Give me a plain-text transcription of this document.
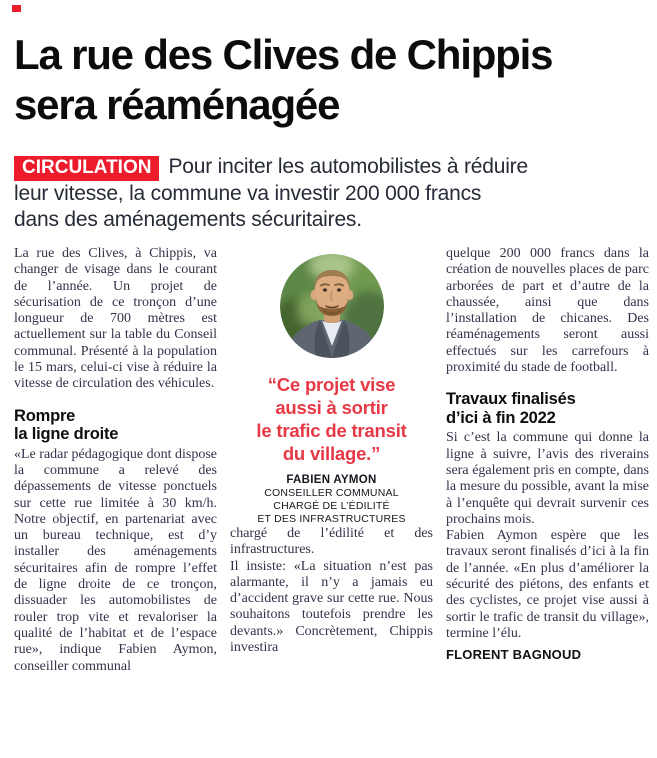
La rue des Clives de Chippis
sera réaménagée
CIRCULATION Pour inciter les automobilistes à réduire
leur vitesse, la commune va investir 200 000 francs
dans des aménagements sécuritaires.

La rue des Clives, à Chippis, va changer de visage dans le courant de l’année. Un projet de sécurisation de ce tronçon d’une longueur de 700 mètres est actuellement sur la table du Conseil communal. Présenté à la population le 15 mars, celui-ci vise à réduire la vitesse de circulation des véhicules.

Rompre
la ligne droite

«Le radar pédagogique dont dispose la commune a relevé des dépassements de vitesse ponctuels sur cette rue limitée à 30 km/h. Notre objectif, en partenariat avec un bureau technique, est d’y installer des aménagements sécuritaires afin de rompre l’effet de ligne droite de ce tronçon, dissuader les automobilistes de rouler trop vite et revaloriser la qualité de l’habitat et de l’espace rue», indique Fabien Aymon, conseiller communal

“Ce projet vise
aussi à sortir
le trafic de transit
du village.”
FABIEN AYMON
CONSEILLER COMMUNAL
CHARGÉ DE L’ÉDILITÉ
ET DES INFRASTRUCTURES

chargé de l’édilité et des infrastructures.

Il insiste: «La situation n’est pas alarmante, il n’y a jamais eu d’accident grave sur cette rue. Nous souhaitons toutefois prendre les devants.» Concrètement, Chippis investira

quelque 200 000 francs dans la création de nouvelles places de parc arborées de part et d’autre de la chaussée, ainsi que dans l’installation de chicanes. Des réaménagements seront aussi effectués sur les carrefours à proximité du stade de football.

Travaux finalisés
d’ici à fin 2022

Si c’est la commune qui donne la ligne à suivre, l’avis des riverains sera également pris en compte, dans la mesure du possible, avant la mise à l’enquête qui devrait survenir ces prochains mois.

Fabien Aymon espère que les travaux seront finalisés d’ici à la fin de l’année. «En plus d’améliorer la sécurité des piétons, des enfants et des cyclistes, ce projet vise aussi à sortir le trafic de transit du village», termine l’élu.

FLORENT BAGNOUD
